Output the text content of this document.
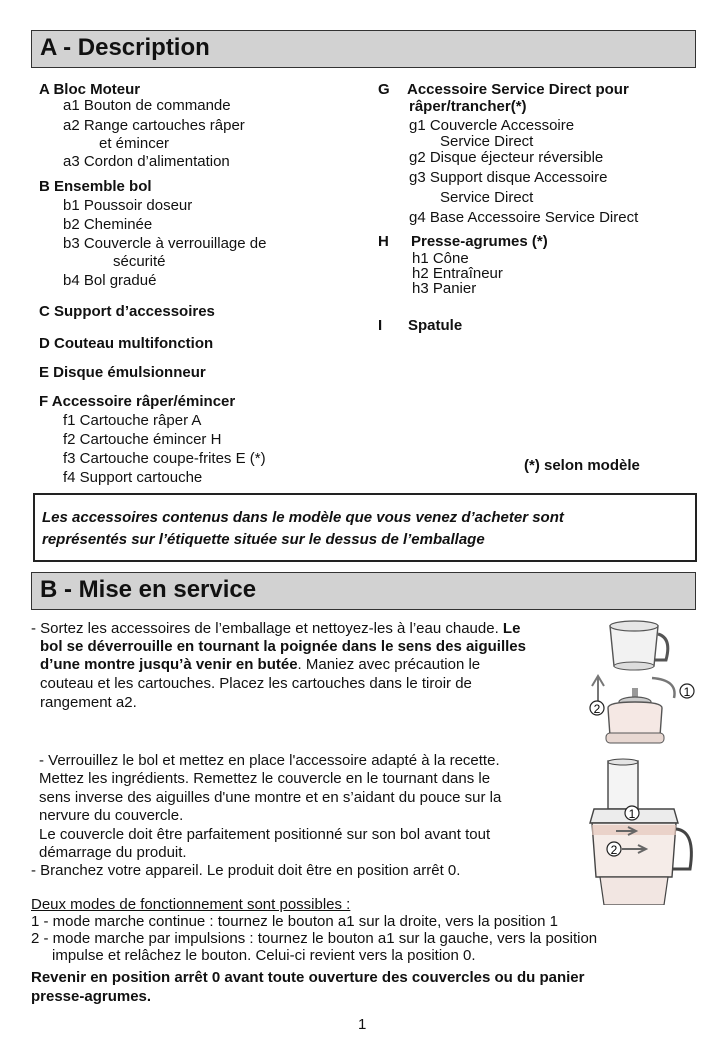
A - Description
A Bloc Moteur
a1 Bouton de commande
a2 Range cartouches râper
et émincer
a3 Cordon d’alimentation
B Ensemble bol
b1 Poussoir doseur
b2 Cheminée
b3 Couvercle à verrouillage de
sécurité
b4 Bol gradué
C Support d’accessoires
D Couteau multifonction
E Disque émulsionneur
F Accessoire râper/émincer
f1 Cartouche râper A
f2 Cartouche émincer H
f3 Cartouche coupe-frites E (*)
f4 Support cartouche
G Accessoire Service Direct pour
râper/trancher(*)
g1 Couvercle Accessoire
Service Direct
g2 Disque éjecteur réversible
g3 Support disque Accessoire
Service Direct
g4 Base Accessoire Service Direct
H Presse-agrumes (*)
h1 Cône
h2 Entraîneur
h3 Panier
I Spatule
(*) selon modèle
Les accessoires contenus dans le modèle que vous venez d’acheter sont
représentés sur l’étiquette située sur le dessus de l’emballage
B - Mise en service
- Sortez les accessoires de l’emballage et nettoyez-les à l’eau chaude. Le
bol se déverrouille en tournant la poignée dans le sens des aiguilles
d’une montre jusqu’à venir en butée. Maniez avec précaution le
couteau et les cartouches. Placez les cartouches dans le tiroir de
rangement a2.
- Verrouillez le bol et mettez en place l'accessoire adapté à la recette.
Mettez les ingrédients. Remettez le couvercle en le tournant dans le
sens inverse des aiguilles d'une montre et en s’aidant du pouce sur la
nervure du couvercle.
Le couvercle doit être parfaitement positionné sur son bol avant tout
démarrage du produit.
- Branchez votre appareil. Le produit doit être en position arrêt 0.
Deux modes de fonctionnement sont possibles :
1 - mode marche continue : tournez le bouton a1 sur la droite, vers la position 1
2 - mode marche par impulsions : tournez le bouton a1 sur la gauche, vers la position
impulse et relâchez le bouton. Celui-ci revient vers la position 0.
Revenir en position arrêt 0 avant toute ouverture des couvercles ou du panier
presse-agrumes.
1
1
2
1
2
